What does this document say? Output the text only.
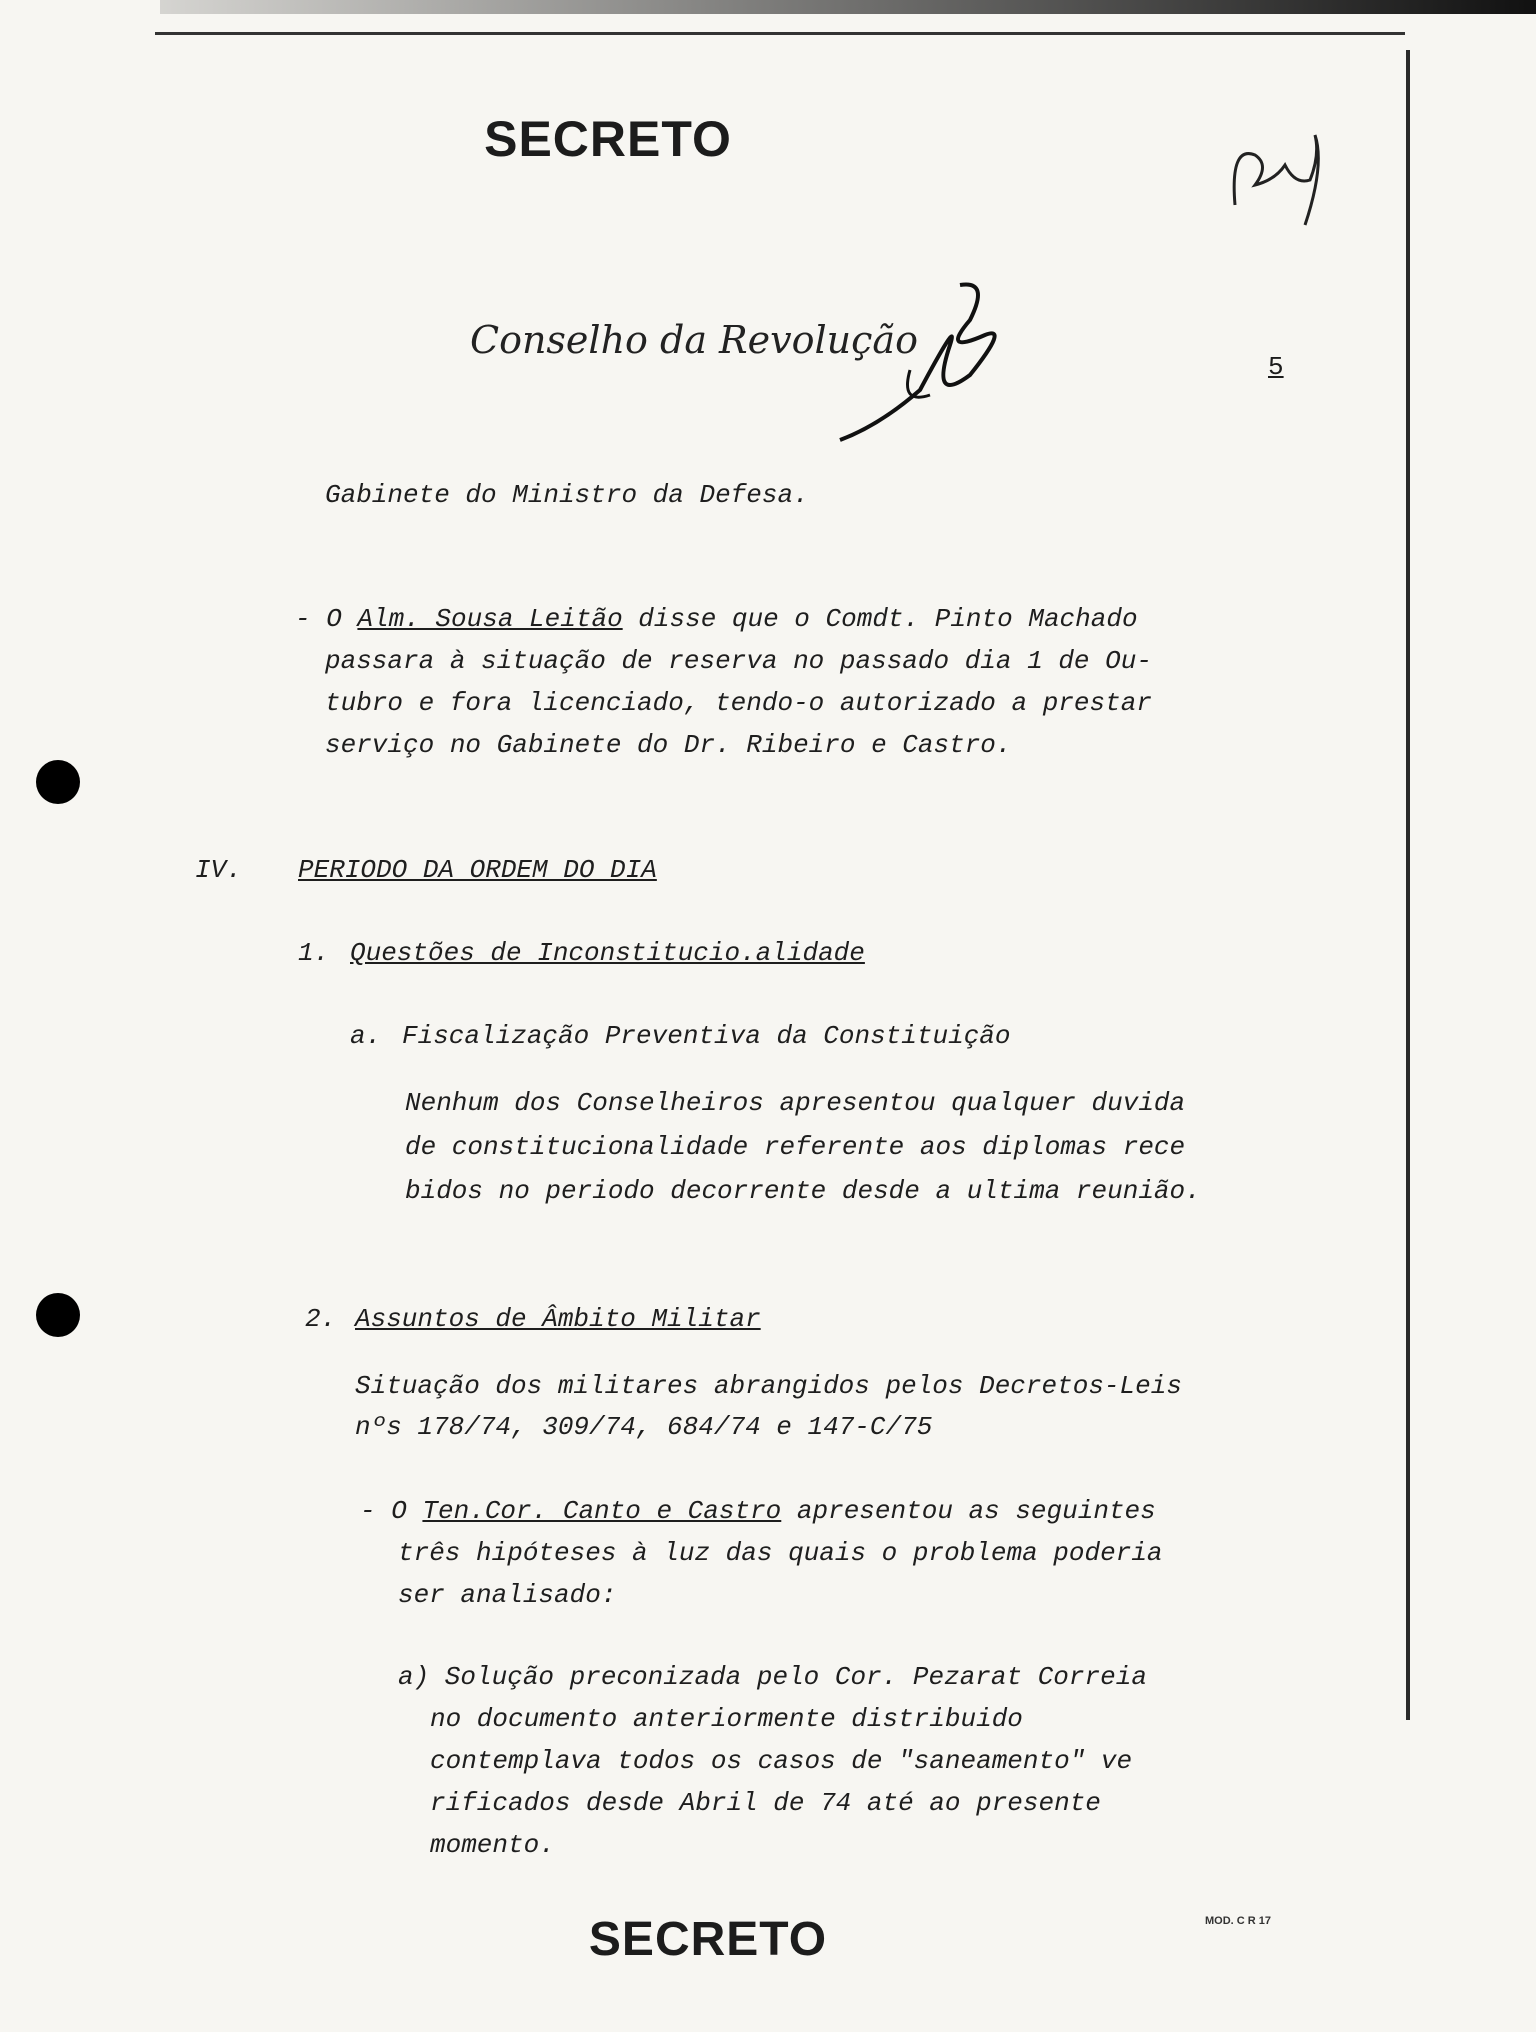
SECRETO
Conselho da Revolução
5
Gabinete do Ministro da Defesa.
- O Alm. Sousa Leitão disse que o Comdt. Pinto Machado
passara à situação de reserva no passado dia 1 de Ou-
tubro e fora licenciado, tendo-o autorizado a prestar
serviço no Gabinete do Dr. Ribeiro e Castro.
IV. PERIODO DA ORDEM DO DIA
1. Questões de Inconstitucio.alidade
a. Fiscalização Preventiva da Constituição
Nenhum dos Conselheiros apresentou qualquer duvida
de constitucionalidade referente aos diplomas rece
bidos no periodo decorrente desde a ultima reunião.
2. Assuntos de Âmbito Militar
Situação dos militares abrangidos pelos Decretos-Leis
nºs 178/74, 309/74, 684/74 e 147-C/75
- O Ten.Cor. Canto e Castro apresentou as seguintes
três hipóteses à luz das quais o problema poderia
ser analisado:
a) Solução preconizada pelo Cor. Pezarat Correia
no documento anteriormente distribuido
contemplava todos os casos de "saneamento" ve
rificados desde Abril de 74 até ao presente
momento.
SECRETO	MOD. C R 17
